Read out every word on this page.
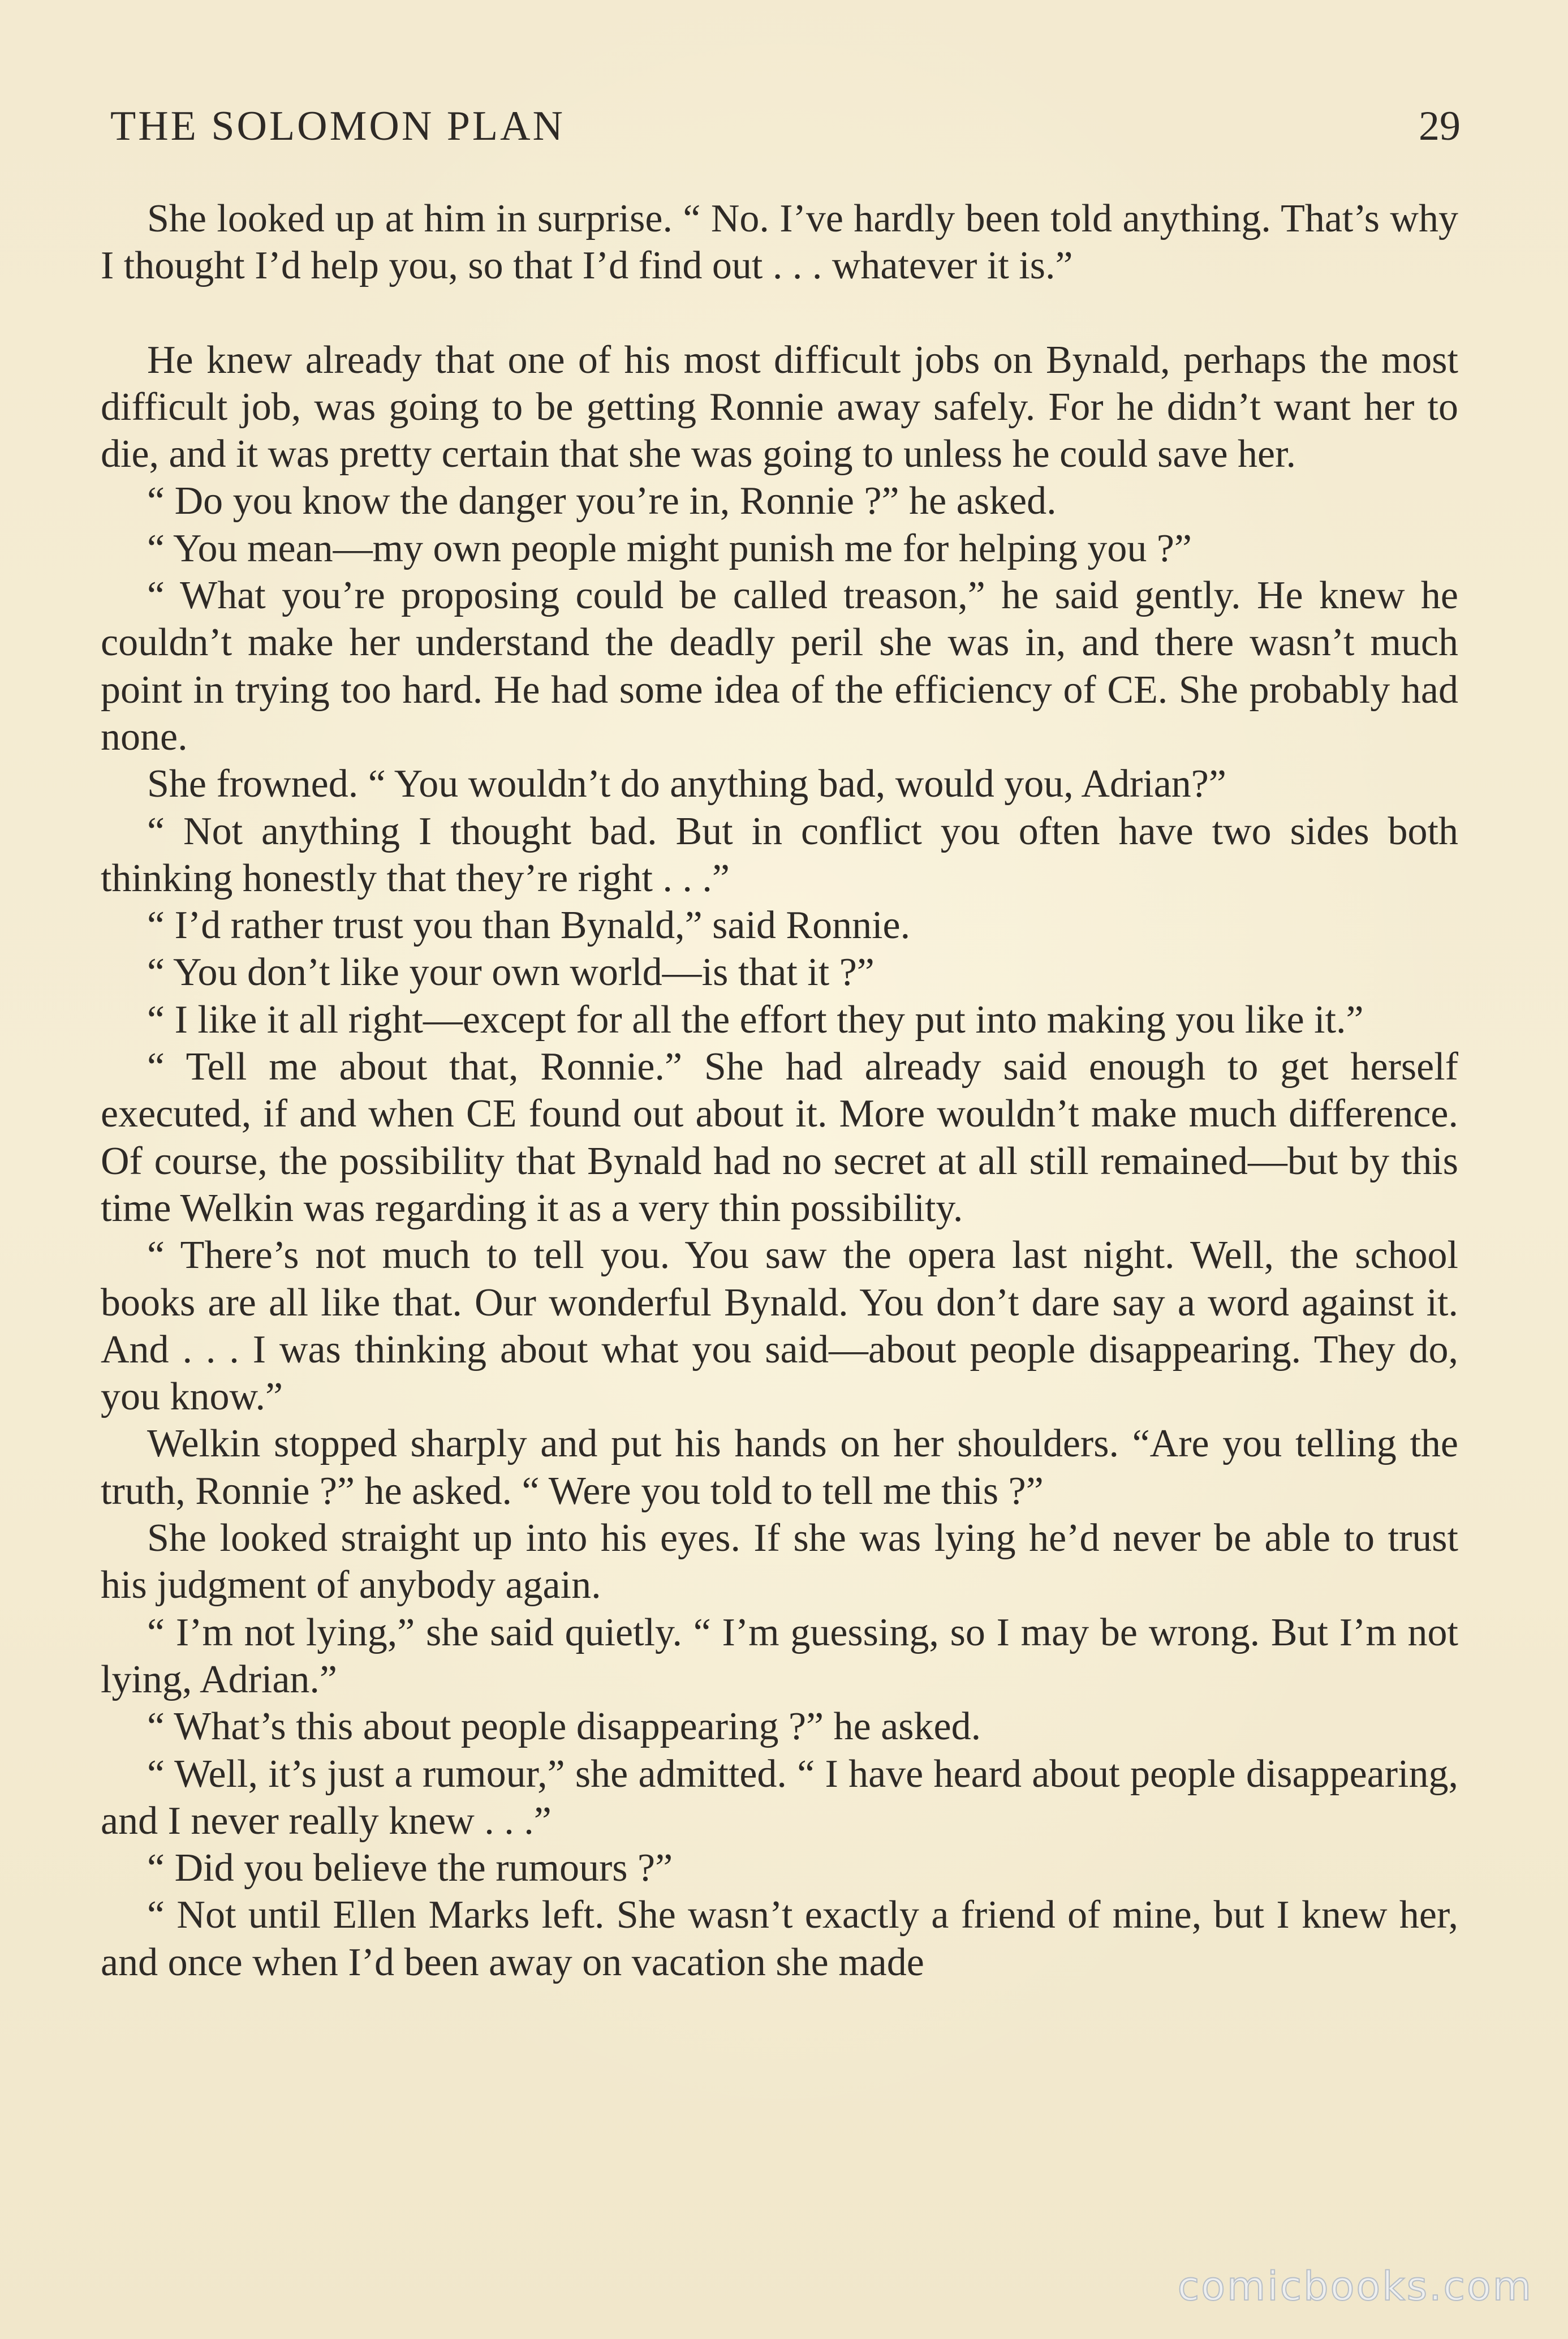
THE SOLOMON PLAN	29

She looked up at him in surprise. “ No. I’ve hardly been told anything. That’s why I thought I’d help you, so that I’d find out . . . whatever it is.”

He knew already that one of his most difficult jobs on Bynald, perhaps the most difficult job, was going to be getting Ronnie away safely. For he didn’t want her to die, and it was pretty certain that she was going to unless he could save her.

“ Do you know the danger you’re in, Ronnie ?” he asked.

“ You mean—my own people might punish me for helping you ?”

“ What you’re proposing could be called treason,” he said gently. He knew he couldn’t make her understand the deadly peril she was in, and there wasn’t much point in trying too hard. He had some idea of the efficiency of CE. She probably had none.

She frowned. “ You wouldn’t do anything bad, would you, Adrian?”

“ Not anything I thought bad. But in conflict you often have two sides both thinking honestly that they’re right . . .”

“ I’d rather trust you than Bynald,” said Ronnie.

“ You don’t like your own world—is that it ?”

“ I like it all right—except for all the effort they put into making you like it.”

“ Tell me about that, Ronnie.” She had already said enough to get herself executed, if and when CE found out about it. More wouldn’t make much difference. Of course, the possibility that Bynald had no secret at all still remained—but by this time Welkin was regarding it as a very thin possibility.

“ There’s not much to tell you. You saw the opera last night. Well, the school books are all like that. Our wonderful Bynald. You don’t dare say a word against it. And . . . I was thinking about what you said—about people disappearing. They do, you know.”

Welkin stopped sharply and put his hands on her shoulders. “Are you telling the truth, Ronnie ?” he asked. “ Were you told to tell me this ?”

She looked straight up into his eyes. If she was lying he’d never be able to trust his judgment of anybody again.

“ I’m not lying,” she said quietly. “ I’m guessing, so I may be wrong. But I’m not lying, Adrian.”

“ What’s this about people disappearing ?” he asked.

“ Well, it’s just a rumour,” she admitted. “ I have heard about people disappearing, and I never really knew . . .”

“ Did you believe the rumours ?”

“ Not until Ellen Marks left. She wasn’t exactly a friend of mine, but I knew her, and once when I’d been away on vacation she made

comicbooks.com
